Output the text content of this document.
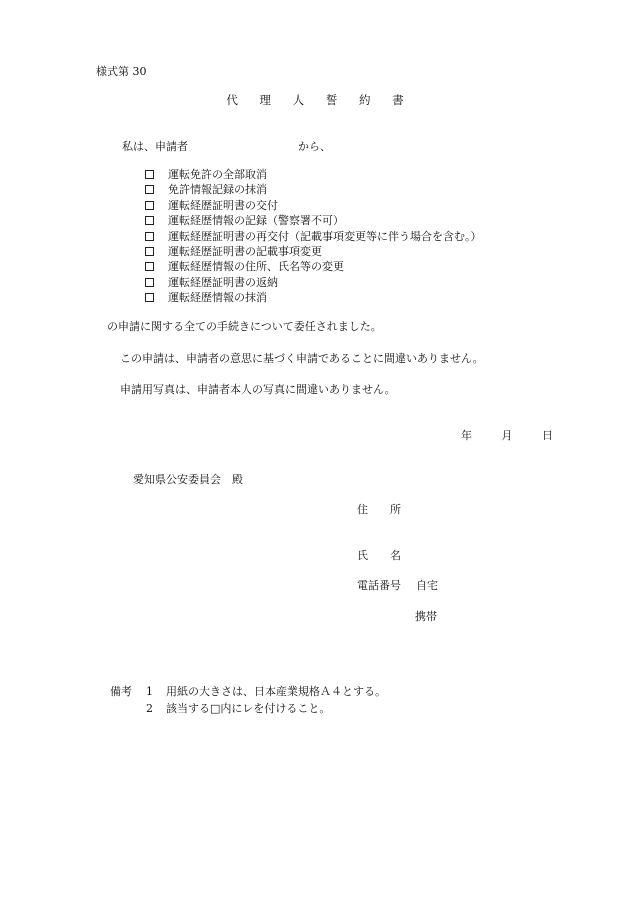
様式第 30
代 理 人 誓 約 書
私は、申請者	から、
運転免許の全部取消
免許情報記録の抹消
運転経歴証明書の交付
運転経歴情報の記録（警察署不可）
運転経歴証明書の再交付（記載事項変更等に伴う場合を含む。）
運転経歴証明書の記載事項変更
運転経歴情報の住所、氏名等の変更
運転経歴証明書の返納
運転経歴情報の抹消
の申請に関する全ての手続きについて委任されました。
この申請は、申請者の意思に基づく申請であることに間違いありません。
申請用写真は、申請者本人の写真に間違いありません。
年	月	日
愛知県公安委員会　殿
住 所
氏 名
電話番号 自宅
携帯
備考	1	用紙の大きさは、日本産業規格Ａ４とする。
2	該当する□内にレを付けること。
